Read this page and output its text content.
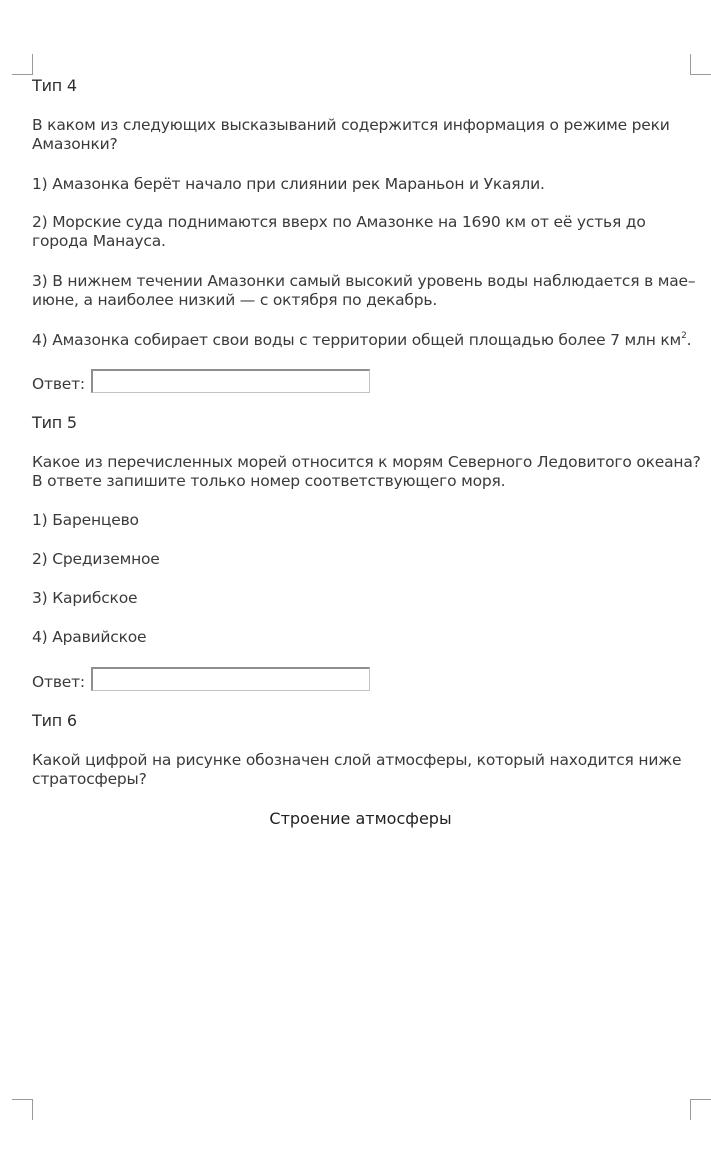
Тип 4
В каком из следующих высказываний содержится информация о режиме реки
Амазонки?
1) Амазонка берёт начало при слиянии рек Мараньон и Укаяли.
2) Морские суда поднимаются вверх по Амазонке на 1690 км от её устья до
города Манауса.
3) В нижнем течении Амазонки самый высокий уровень воды наблюдается в мае–
июне, а наиболее низкий — с октября по декабрь.
4) Амазонка собирает свои воды с территории общей площадью более 7 млн $км^2$.
Ответ:
Тип 5
Какое из перечисленных морей относится к морям Северного Ледовитого океана?
В ответе запишите только номер соответствующего моря.
1) Баренцево
2) Средиземное
3) Карибское
4) Аравийское
Ответ:
Тип 6
Какой цифрой на рисунке обозначен слой атмосферы, который находится ниже
стратосферы?
Строение атмосферы
